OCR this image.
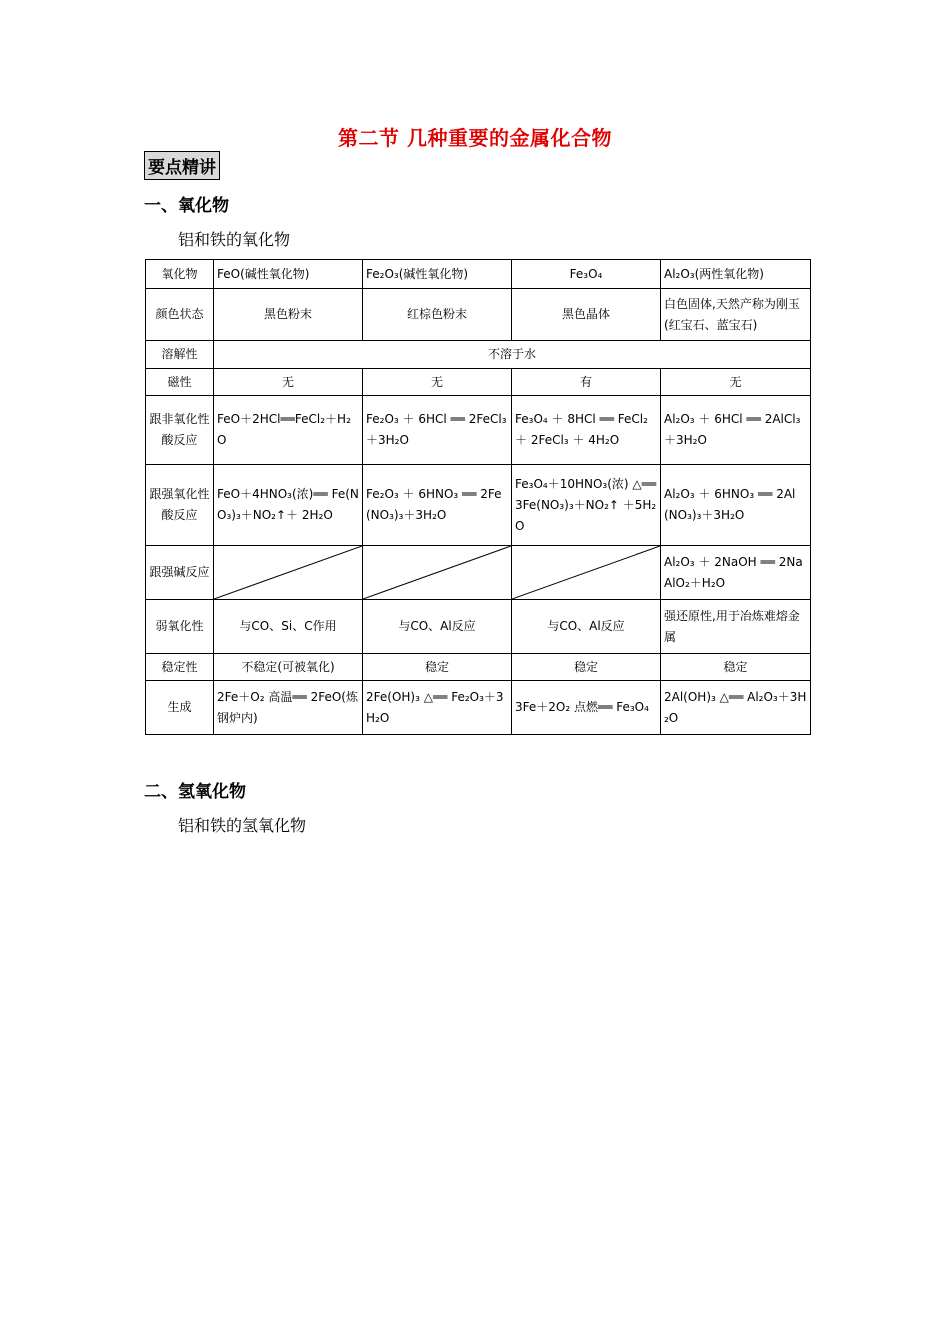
第二节 几种重要的金属化合物
要点精讲
一、氧化物
铝和铁的氧化物
氧化物	FeO(碱性氧化物)	Fe₂O₃(碱性氧化物)	Fe₃O₄	Al₂O₃(两性氧化物)
颜色状态	黑色粉末	红棕色粉末	黑色晶体	白色固体,天然产称为刚玉(红宝石、蓝宝石)
溶解性	不溶于水			
磁性	无	无	有	无
跟非氧化性酸反应	FeO＋2HCl══FeCl₂＋H₂O	Fe₂O₃ ＋ 6HCl ══ 2FeCl₃＋3H₂O	Fe₃O₄ ＋ 8HCl ══ FeCl₂ ＋ 2FeCl₃ ＋ 4H₂O	Al₂O₃ ＋ 6HCl ══ 2AlCl₃＋3H₂O
跟强氧化性酸反应	FeO＋4HNO₃(浓)══ Fe(NO₃)₃＋NO₂↑＋ 2H₂O	Fe₂O₃ ＋ 6HNO₃ ══ 2Fe(NO₃)₃＋3H₂O	Fe₃O₄＋10HNO₃(浓) △══3Fe(NO₃)₃＋NO₂↑ ＋5H₂O	Al₂O₃ ＋ 6HNO₃ ══ 2Al(NO₃)₃＋3H₂O
跟强碱反应				Al₂O₃ ＋ 2NaOH ══ 2NaAlO₂＋H₂O
弱氧化性	与CO、Si、C作用	与CO、Al反应	与CO、Al反应	强还原性,用于冶炼难熔金属
稳定性	不稳定(可被氧化)	稳定	稳定	稳定
生成	2Fe＋O₂ 高温══ 2FeO(炼钢炉内)	2Fe(OH)₃ △══ Fe₂O₃＋3H₂O	3Fe＋2O₂ 点燃══ Fe₃O₄	2Al(OH)₃ △══ Al₂O₃＋3H₂O
二、氢氧化物
铝和铁的氢氧化物
